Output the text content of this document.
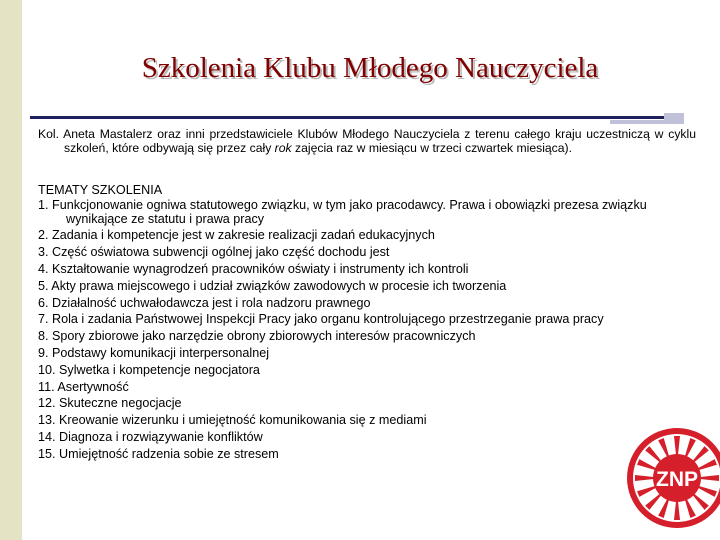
Szkolenia Klubu Młodego Nauczyciela
Kol. Aneta Mastalerz oraz inni przedstawiciele Klubów Młodego Nauczyciela z terenu całego kraju uczestniczą w cyklu szkoleń, które odbywają się przez cały rok zajęcia raz w miesiącu w trzeci czwartek miesiąca).
TEMATY SZKOLENIA
1. Funkcjonowanie ogniwa statutowego związku, w tym jako pracodawcy. Prawa i obowiązki prezesa związku wynikające ze statutu i prawa pracy
2. Zadania i kompetencje jest w zakresie realizacji zadań edukacyjnych
3. Część oświatowa subwencji ogólnej jako część dochodu jest
4. Kształtowanie wynagrodzeń pracowników oświaty i instrumenty ich kontroli
5. Akty prawa miejscowego i udział związków zawodowych w procesie ich tworzenia
6. Działalność uchwałodawcza jest i rola nadzoru prawnego
7. Rola i zadania Państwowej Inspekcji Pracy jako organu kontrolującego przestrzeganie prawa pracy
8. Spory zbiorowe jako narzędzie obrony zbiorowych interesów pracowniczych
9. Podstawy komunikacji interpersonalnej
10. Sylwetka i kompetencje negocjatora
11. Asertywność
12. Skuteczne negocjacje
13. Kreowanie wizerunku i umiejętność komunikowania się z mediami
14. Diagnoza i rozwiązywanie konfliktów
15. Umiejętność radzenia sobie ze stresem
ZNP
